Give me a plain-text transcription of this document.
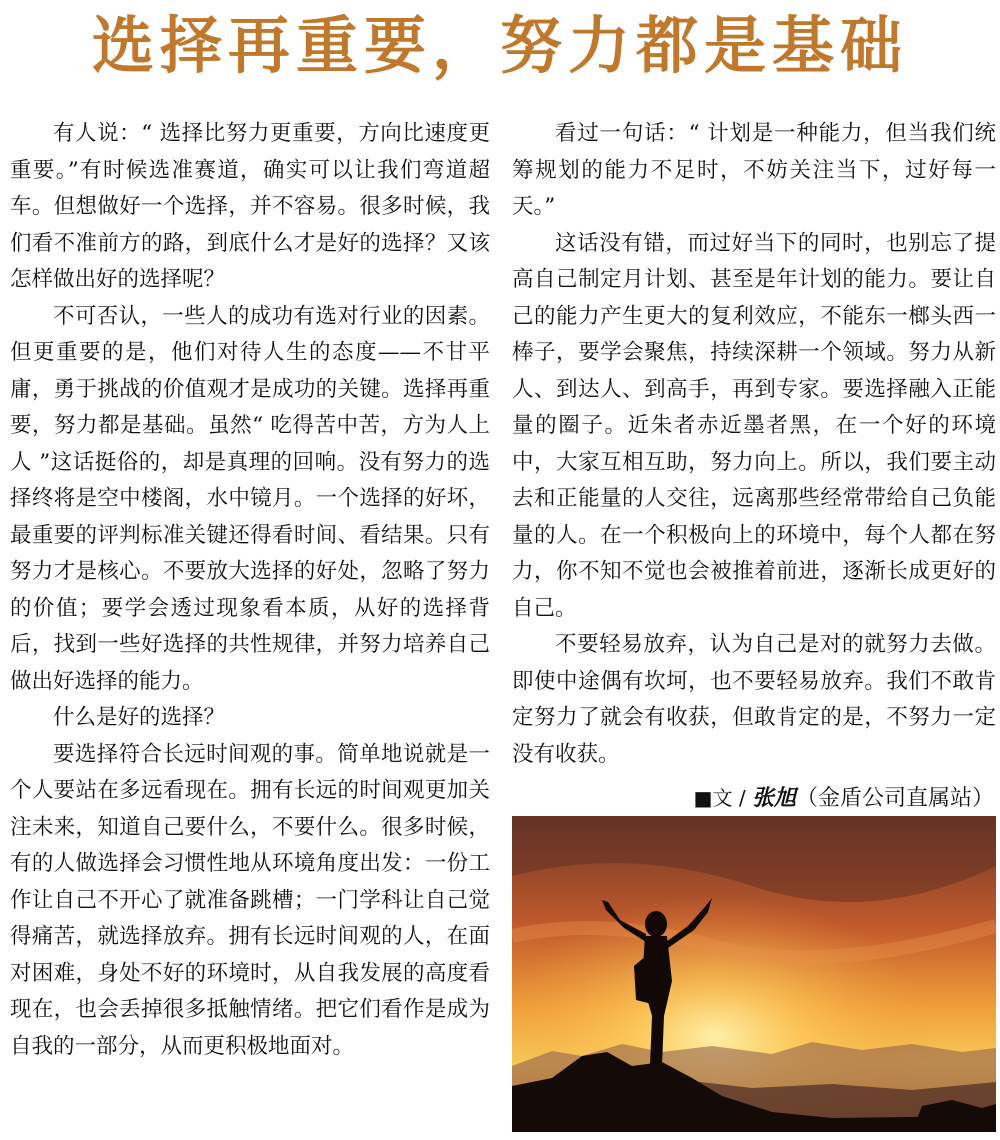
选择再重要，努力都是基础

有人说：“ 选择比努力更重要，方向比速度更重要。”有时候选准赛道，确实可以让我们弯道超车。但想做好一个选择，并不容易。很多时候，我们看不准前方的路，到底什么才是好的选择？又该怎样做出好的选择呢？

不可否认，一些人的成功有选对行业的因素。但更重要的是，他们对待人生的态度——不甘平庸，勇于挑战的价值观才是成功的关键。选择再重要，努力都是基础。虽然“ 吃得苦中苦，方为人上人 ”这话挺俗的，却是真理的回响。没有努力的选择终将是空中楼阁，水中镜月。一个选择的好坏，最重要的评判标准关键还得看时间、看结果。只有努力才是核心。不要放大选择的好处，忽略了努力的价值；要学会透过现象看本质，从好的选择背后，找到一些好选择的共性规律，并努力培养自己做出好选择的能力。

什么是好的选择？

要选择符合长远时间观的事。简单地说就是一个人要站在多远看现在。拥有长远的时间观更加关注未来，知道自己要什么，不要什么。很多时候，有的人做选择会习惯性地从环境角度出发：一份工作让自己不开心了就准备跳槽；一门学科让自己觉得痛苦，就选择放弃。拥有长远时间观的人，在面对困难，身处不好的环境时，从自我发展的高度看现在，也会丢掉很多抵触情绪。把它们看作是成为自我的一部分，从而更积极地面对。

看过一句话：“ 计划是一种能力，但当我们统筹规划的能力不足时，不妨关注当下，过好每一天。”

这话没有错，而过好当下的同时，也别忘了提高自己制定月计划、甚至是年计划的能力。要让自己的能力产生更大的复利效应，不能东一榔头西一棒子，要学会聚焦，持续深耕一个领域。努力从新人、到达人、到高手，再到专家。要选择融入正能量的圈子。近朱者赤近墨者黑，在一个好的环境中，大家互相互助，努力向上。所以，我们要主动去和正能量的人交往，远离那些经常带给自己负能量的人。在一个积极向上的环境中，每个人都在努力，你不知不觉也会被推着前进，逐渐长成更好的自己。

不要轻易放弃，认为自己是对的就努力去做。即使中途偶有坎坷，也不要轻易放弃。我们不敢肯定努力了就会有收获，但敢肯定的是，不努力一定没有收获。

■文 / 张旭（金盾公司直属站）
